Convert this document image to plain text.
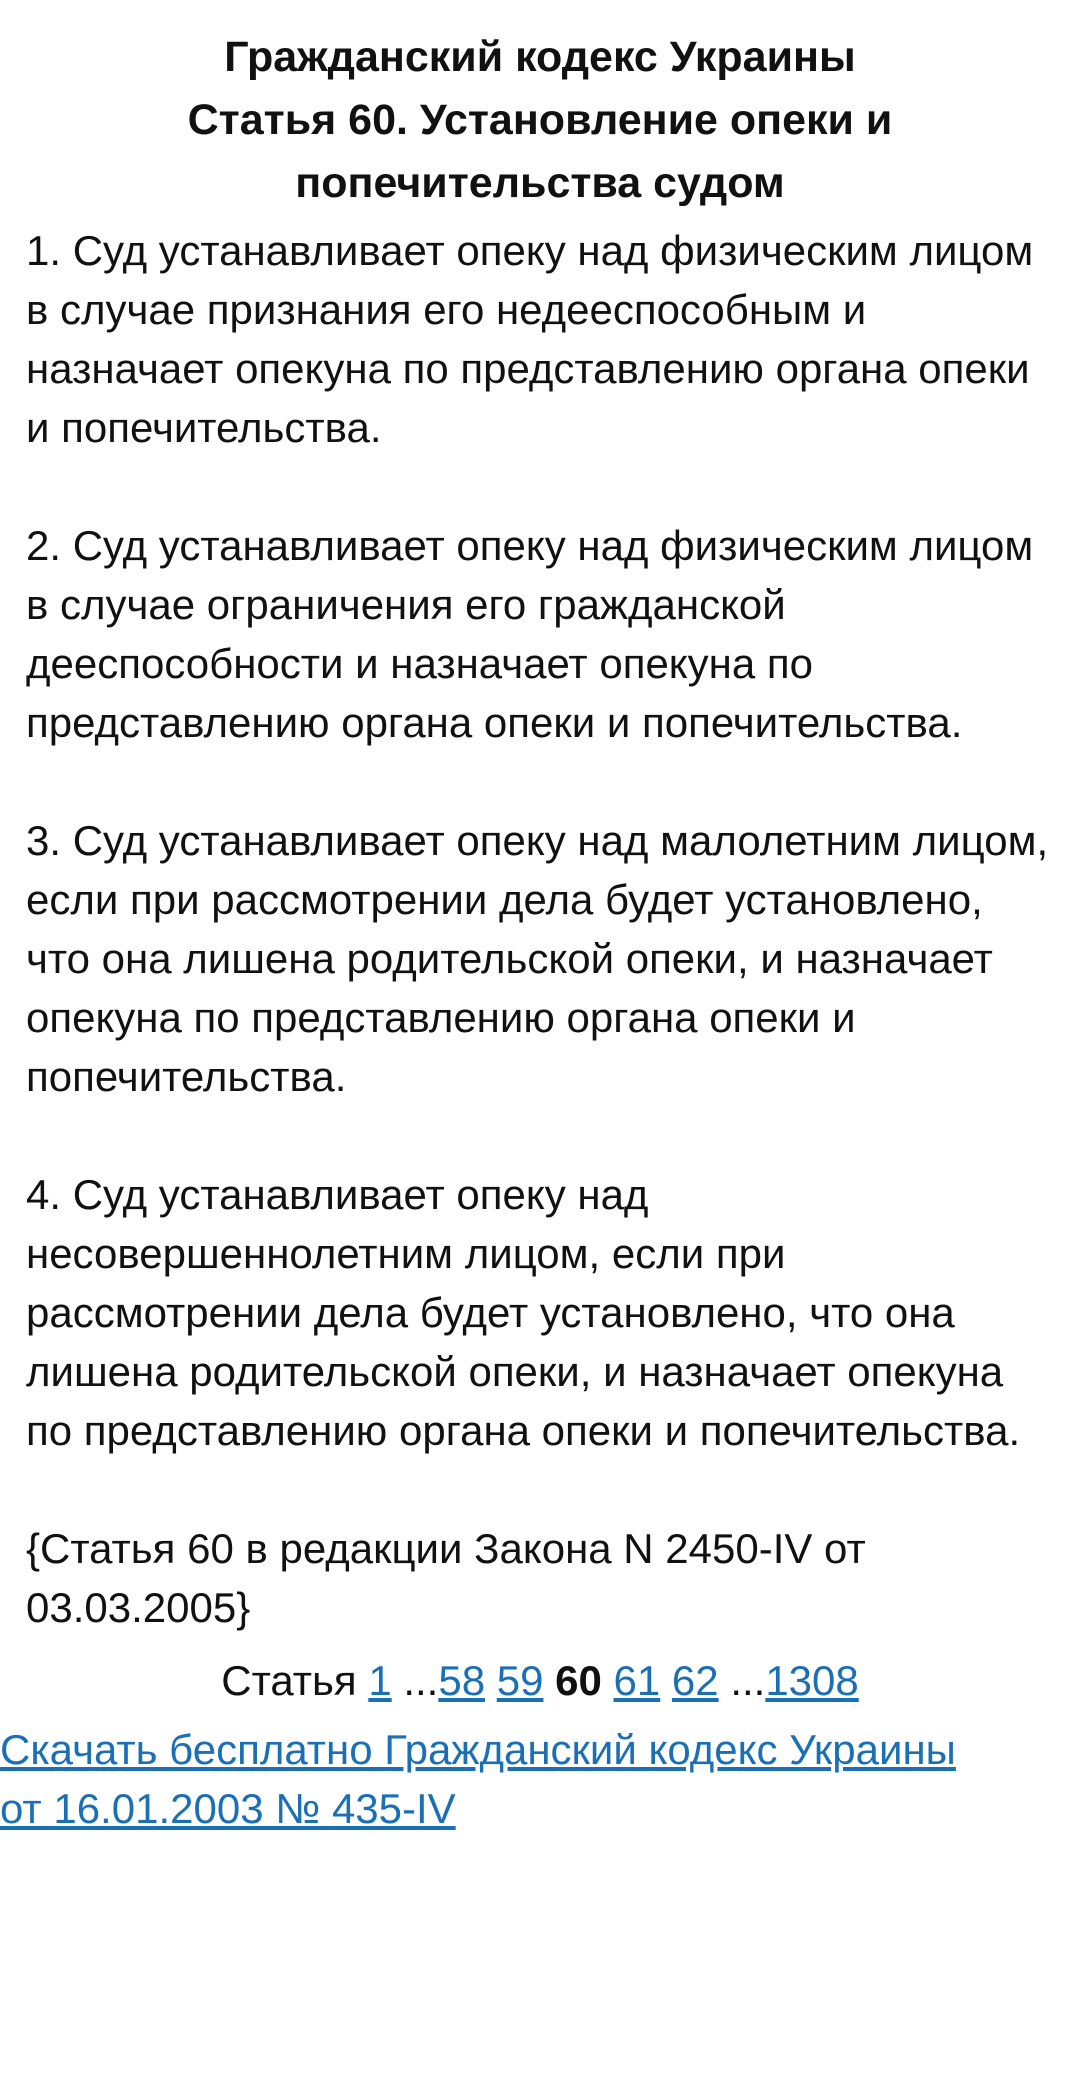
Гражданский кодекс Украины
Статья 60. Установление опеки и
попечительства судом

1. Суд устанавливает опеку над физическим лицом в случае признания его недееспособным и назначает опекуна по представлению органа опеки и попечительства.

2. Суд устанавливает опеку над физическим лицом в случае ограничения его гражданской дееспособности и назначает опекуна по представлению органа опеки и попечительства.

3. Суд устанавливает опеку над малолетним лицом, если при рассмотрении дела будет установлено, что она лишена родительской опеки, и назначает опекуна по представлению органа опеки и попечительства.

4. Суд устанавливает опеку над несовершеннолетним лицом, если при рассмотрении дела будет установлено, что она лишена родительской опеки, и назначает опекуна по представлению органа опеки и попечительства.

{Статья 60 в редакции Закона N 2450-IV от 03.03.2005}

Статья 1 ...58 59 60 61 62 ...1308
Скачать бесплатно Гражданский кодекс Украины
от 16.01.2003 № 435-IV
